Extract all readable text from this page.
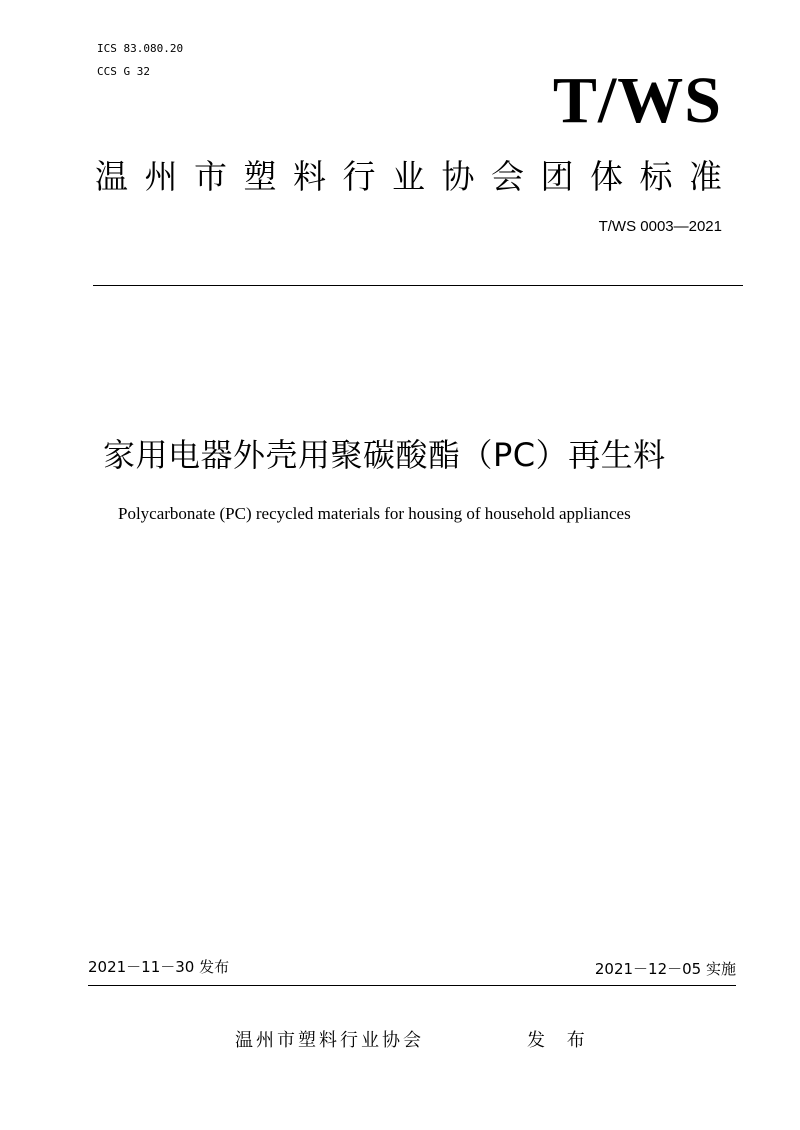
ICS 83.080.20
CCS G 32	T/WS
温州市塑料行业协会团体标准
T/WS 0003—2021
家用电器外壳用聚碳酸酯（PC）再生料
Polycarbonate (PC) recycled materials for housing of household appliances
2021－11－30 发布	2021－12－05 实施
温州市塑料行业协会	发 布
